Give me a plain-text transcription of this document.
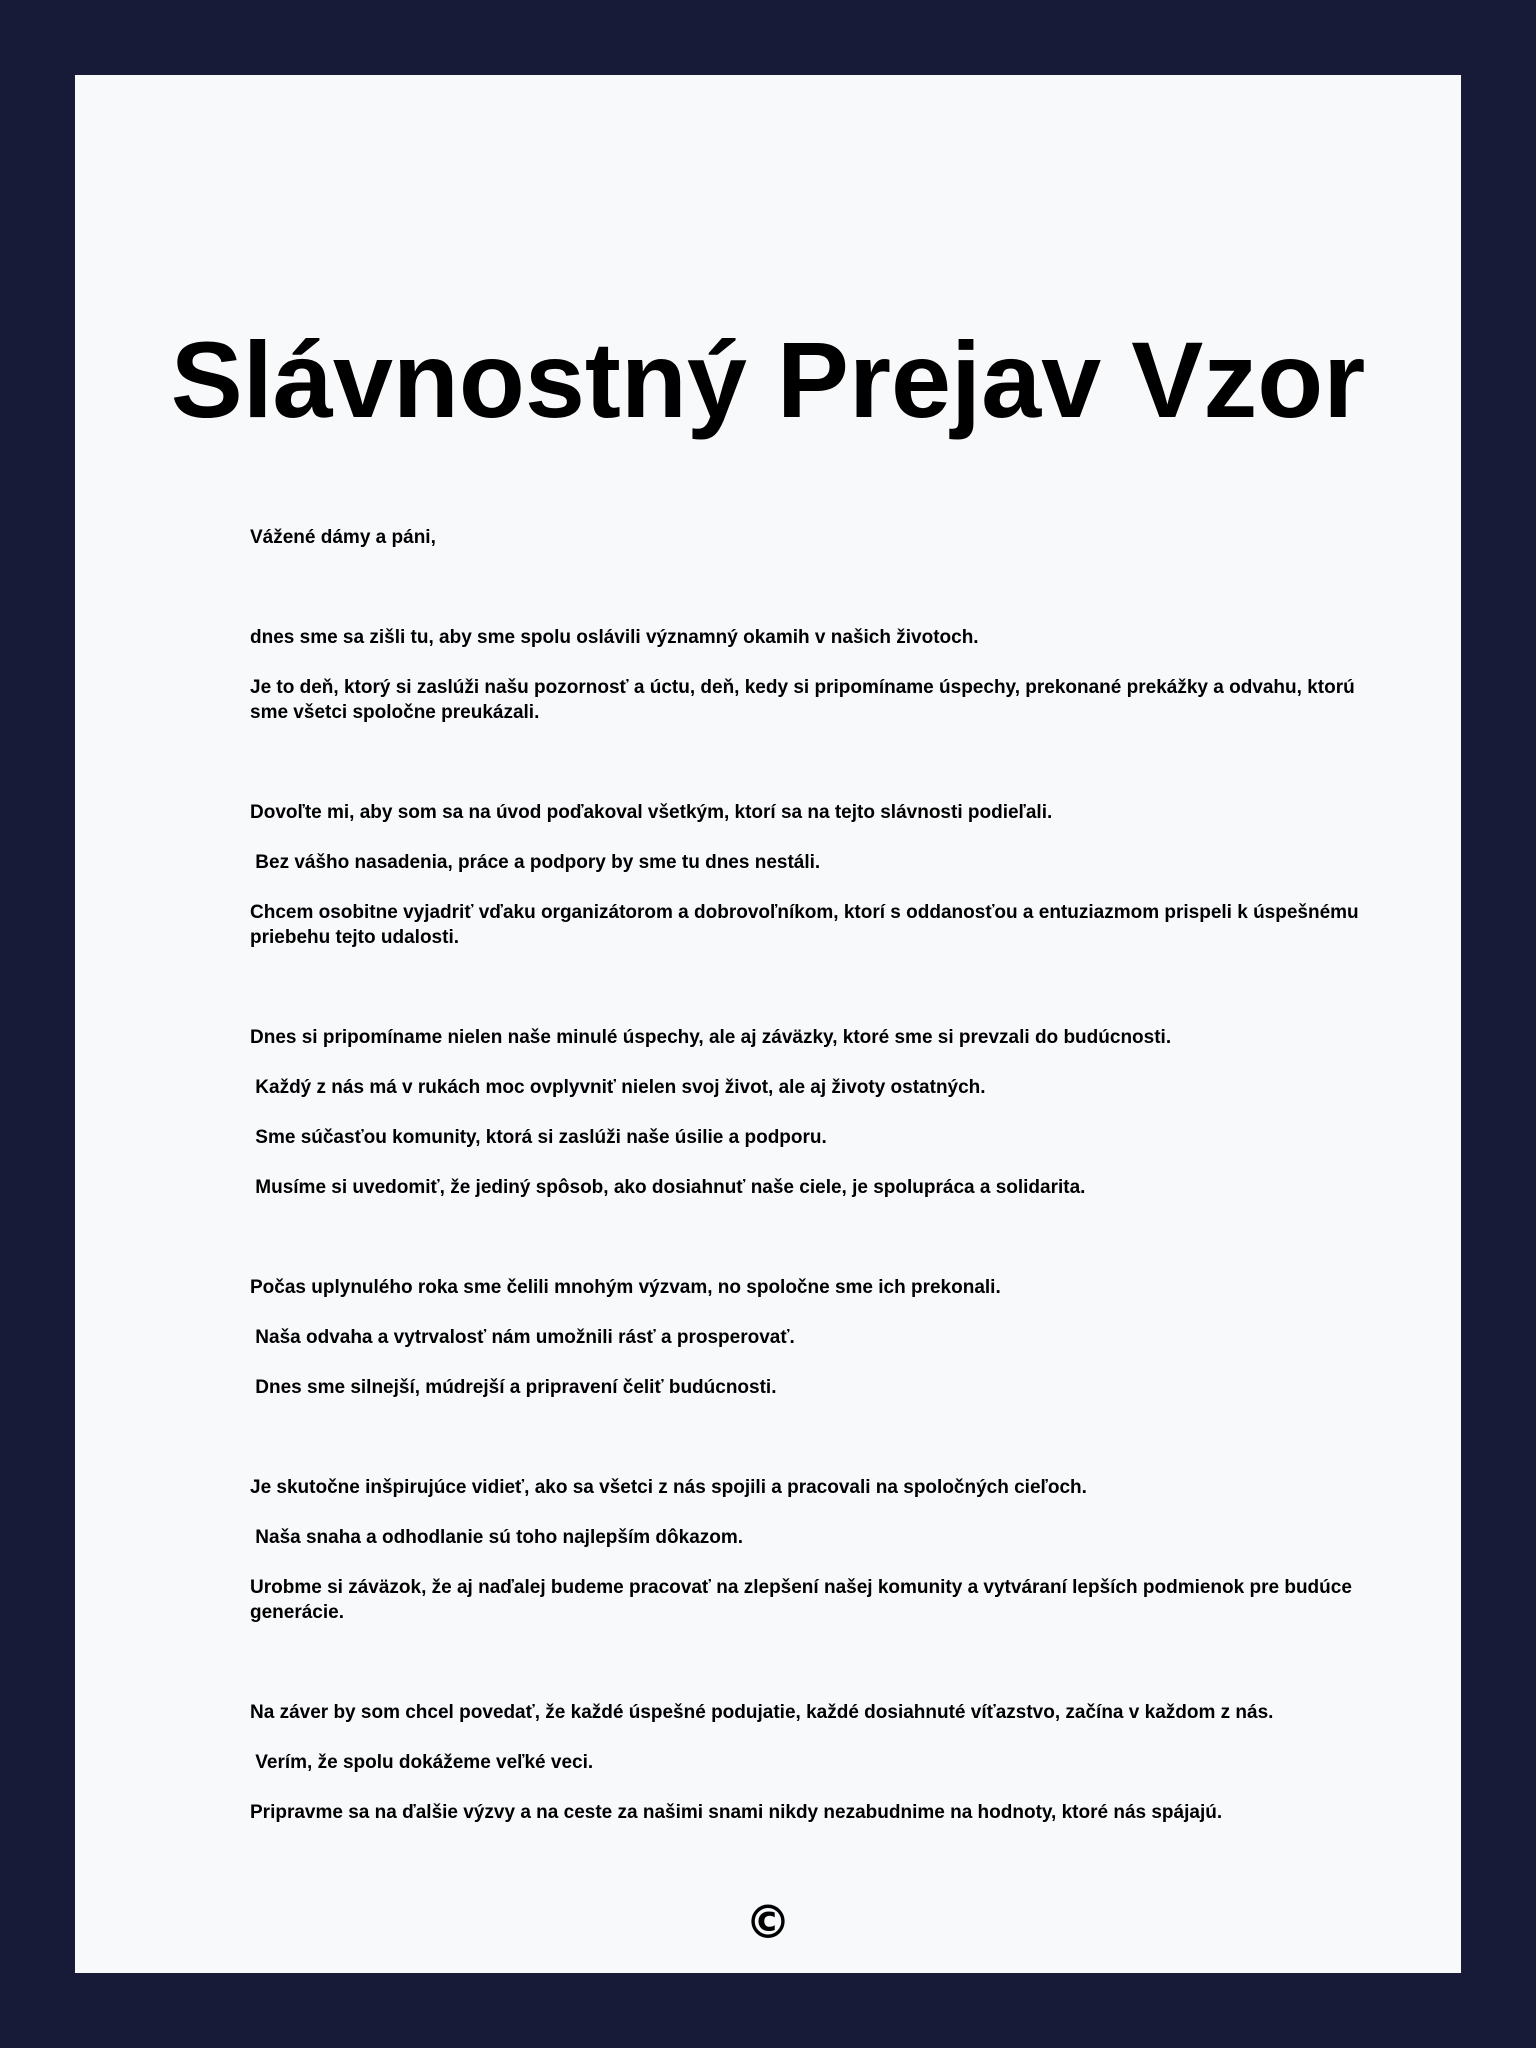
Slávnostný Prejav Vzor

Vážené dámy a páni,

dnes sme sa zišli tu, aby sme spolu oslávili významný okamih v našich životoch.

Je to deň, ktorý si zaslúži našu pozornosť a úctu, deň, kedy si pripomíname úspechy, prekonané prekážky a odvahu, ktorú sme všetci spoločne preukázali.

Dovoľte mi, aby som sa na úvod poďakoval všetkým, ktorí sa na tejto slávnosti podieľali.

Bez vášho nasadenia, práce a podpory by sme tu dnes nestáli.

Chcem osobitne vyjadriť vďaku organizátorom a dobrovoľníkom, ktorí s oddanosťou a entuziazmom prispeli k úspešnému priebehu tejto udalosti.

Dnes si pripomíname nielen naše minulé úspechy, ale aj záväzky, ktoré sme si prevzali do budúcnosti.

Každý z nás má v rukách moc ovplyvniť nielen svoj život, ale aj životy ostatných.

Sme súčasťou komunity, ktorá si zaslúži naše úsilie a podporu.

Musíme si uvedomiť, že jediný spôsob, ako dosiahnuť naše ciele, je spolupráca a solidarita.

Počas uplynulého roka sme čelili mnohým výzvam, no spoločne sme ich prekonali.

Naša odvaha a vytrvalosť nám umožnili rásť a prosperovať.

Dnes sme silnejší, múdrejší a pripravení čeliť budúcnosti.

Je skutočne inšpirujúce vidieť, ako sa všetci z nás spojili a pracovali na spoločných cieľoch.

Naša snaha a odhodlanie sú toho najlepším dôkazom.

Urobme si záväzok, že aj naďalej budeme pracovať na zlepšení našej komunity a vytváraní lepších podmienok pre budúce generácie.

Na záver by som chcel povedať, že každé úspešné podujatie, každé dosiahnuté víťazstvo, začína v každom z nás.

Verím, že spolu dokážeme veľké veci.

Pripravme sa na ďalšie výzvy a na ceste za našimi snami nikdy nezabudnime na hodnoty, ktoré nás spájajú.

©
